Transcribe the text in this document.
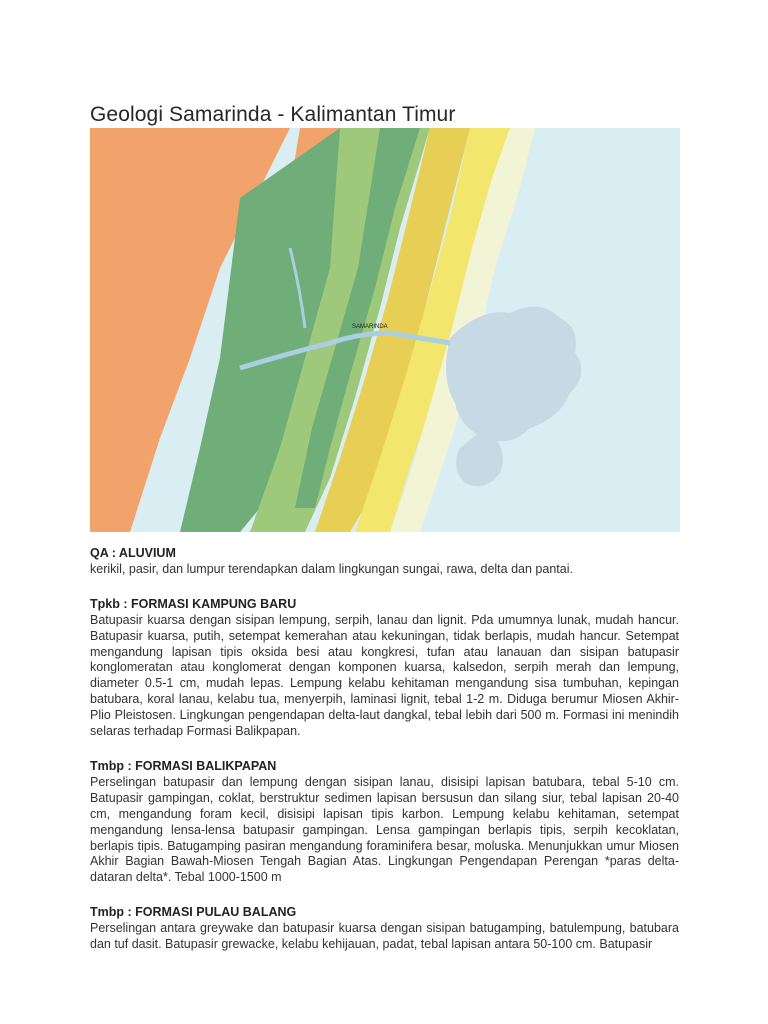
Geologi Samarinda - Kalimantan Timur
SAMARINDA
QA : ALUVIUM
kerikil, pasir, dan lumpur terendapkan dalam lingkungan sungai, rawa, delta dan pantai.
Tpkb : FORMASI KAMPUNG BARU
Batupasir kuarsa dengan sisipan lempung, serpih, lanau dan lignit. Pda umumnya lunak, mudah hancur. Batupasir kuarsa, putih, setempat kemerahan atau kekuningan, tidak berlapis, mudah hancur. Setempat mengandung lapisan tipis oksida besi atau kongkresi, tufan atau lanauan dan sisipan batupasir konglomeratan atau konglomerat dengan komponen kuarsa, kalsedon, serpih merah dan lempung, diameter 0.5-1 cm, mudah lepas. Lempung kelabu kehitaman mengandung sisa tumbuhan, kepingan batubara, koral lanau, kelabu tua, menyerpih, laminasi lignit, tebal 1-2 m. Diduga berumur Miosen Akhir-Plio Pleistosen. Lingkungan pengendapan delta-laut dangkal, tebal lebih dari 500 m. Formasi ini menindih selaras terhadap Formasi Balikpapan.
Tmbp : FORMASI BALIKPAPAN
Perselingan batupasir dan lempung dengan sisipan lanau, disisipi lapisan batubara, tebal 5-10 cm. Batupasir gampingan, coklat, berstruktur sedimen lapisan bersusun dan silang siur, tebal lapisan 20-40 cm, mengandung foram kecil, disisipi lapisan tipis karbon. Lempung kelabu kehitaman, setempat mengandung lensa-lensa batupasir gampingan. Lensa gampingan berlapis tipis, serpih kecoklatan, berlapis tipis. Batugamping pasiran mengandung foraminifera besar, moluska. Menunjukkan umur Miosen Akhir Bagian Bawah-Miosen Tengah Bagian Atas. Lingkungan Pengendapan Perengan *paras delta-dataran delta*. Tebal 1000-1500 m
Tmbp : FORMASI PULAU BALANG
Perselingan antara greywake dan batupasir kuarsa dengan sisipan batugamping, batulempung, batubara dan tuf dasit. Batupasir grewacke, kelabu kehijauan, padat, tebal lapisan antara 50-100 cm. Batupasir
